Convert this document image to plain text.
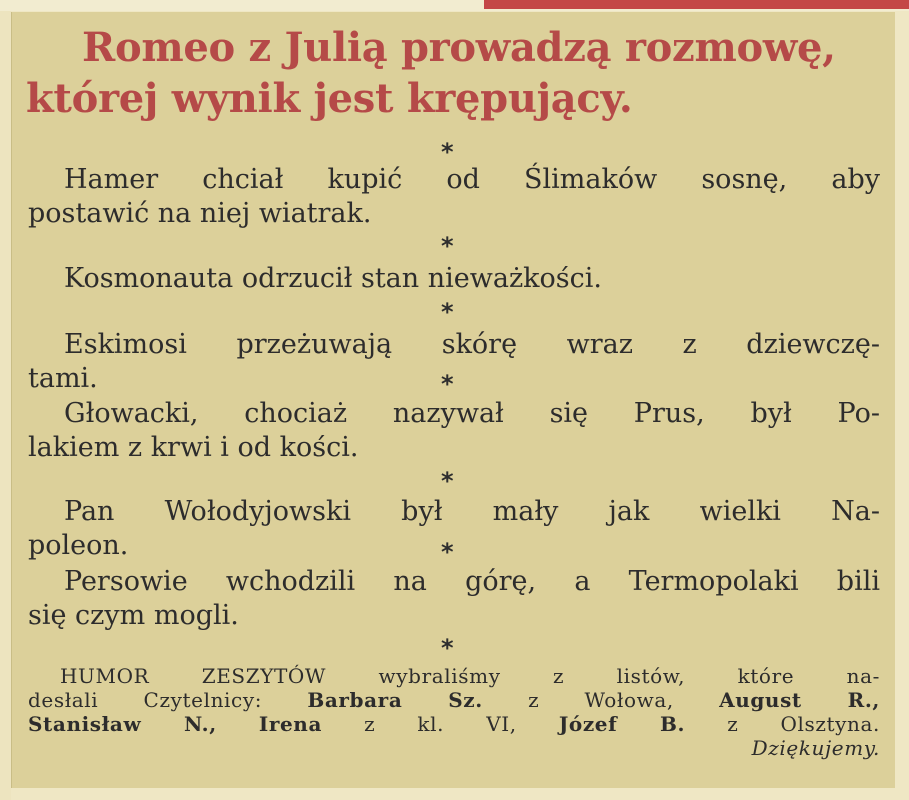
Romeo z Julią prowadzą rozmowę,
której wynik jest krępujący.
*
*
*
*
*
*
*

Hamer chciał kupić od Ślimaków sosnę, aby
postawić na niej wiatrak.

Kosmonauta odrzucił stan nieważkości.

Eskimosi przeżuwają skórę wraz z dziewczę-
tami.

Głowacki, chociaż nazywał się Prus, był Po-
lakiem z krwi i od kości.

Pan Wołodyjowski był mały jak wielki Na-
poleon.

Persowie wchodzili na górę, a Termopolaki bili
się czym mogli.

HUMOR ZESZYTÓW wybraliśmy z listów, które na-
desłali Czytelnicy: Barbara Sz. z Wołowa, August R.,
Stanisław N., Irena z kl. VI, Józef B. z Olsztyna.
Dziękujemy.
